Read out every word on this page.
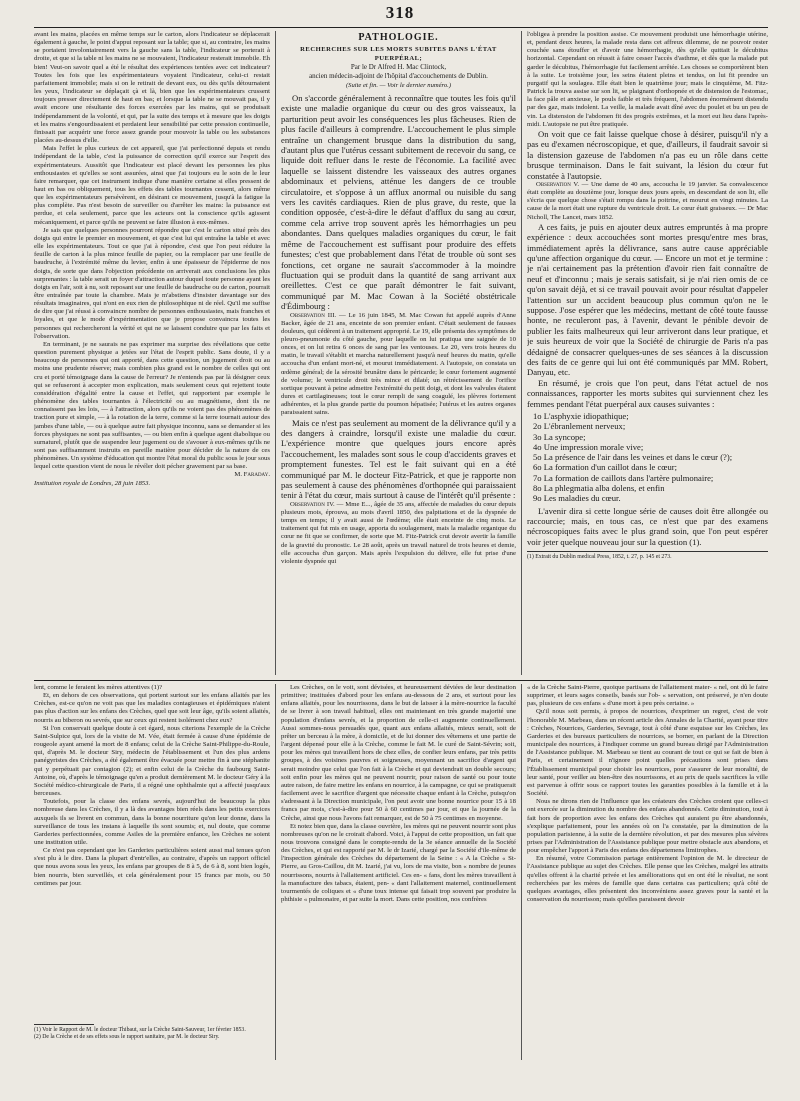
318

avant les mains, placées en même temps sur le carton, alors l'indicateur se déplacerait également à gauche, le point d'appui reposant sur la table; que si, au contraire, les mains se portaient involontairement vers la gauche sans la table, l'indicateur se porterait à droite, et que si la table ni les mains ne se mouvaient, l'indicateur resterait immobile. Eh bien! Veut-on savoir quel a été le résultat des expériences tentées avec cet indicateur? Toutes les fois que les expérimentateurs voyaient l'indicateur, celui-ci restait parfaitement immobile; mais si on le retirait de devant eux, ou dès qu'ils détournaient les yeux, l'indicateur se déplaçait çà et là, bien que les expérimentateurs crussent toujours presser directement de haut en bas; et lorsque la table ne se mouvait pas, il y avait encore une résultante des forces exercées par les mains, qui se produisait indépendamment de la volonté, et qui, par la suite des temps et à mesure que les doigts et les mains s'engourdissaient et perdaient leur sensibilité par cette pression continuelle, finissait par acquérir une force assez grande pour mouvoir la table ou les substances placées au-dessus d'elle.

Mais l'effet le plus curieux de cet appareil, que j'ai perfectionné depuis et rendu indépendant de la table, c'est la puissance de correction qu'il exerce sur l'esprit des expérimentateurs. Aussitôt que l'indicateur est placé devant les personnes les plus enthousiastes et qu'elles se sont assurées, ainsi que j'ai toujours eu le soin de le leur faire remarquer, que cet instrument indique d'une manière certaine si elles pressent de haut en bas ou obliquement, tous les effets des tables tournantes cessent, alors même que les expérimentateurs persévèrent, en désirant ce mouvement, jusqu'à la fatigue la plus complète. Pas n'est besoin de surveiller ou d'arrêter les mains: la puissance est perdue, et cela seulement, parce que les acteurs ont la conscience qu'ils agissent mécaniquement, et parce qu'ils ne peuvent se faire illusion à eux-mêmes.

Je sais que quelques personnes pourront répondre que c'est le carton situé près des doigts qui entre le premier en mouvement, et que c'est lui qui entraîne la table et avec elle les expérimentateurs. Tout ce que j'ai à répondre, c'est que l'on peut réduire la feuille de carton à la plus mince feuille de papier, ou la remplacer par une feuille de baudruche, à l'extrémité même du levier, enfin à une épaisseur de l'épiderme de nos doigts, de sorte que dans l'objection précédente on arriverait aux conclusions les plus surprenantes : la table serait un foyer d'attraction autour duquel toute personne ayant les doigts en l'air, soit à nu, soit reposant sur une feuille de baudruche ou de carton, pourrait être entraînée par toute la chambre. Mais je m'abstiens d'insister davantage sur des résultats imaginaires, qui n'ont en eux rien de philosophique ni de réel. Qu'il me suffise de dire que j'ai réussi à convaincre nombre de personnes enthousiastes, mais franches et loyales, et que le mode d'expérimentation que je propose convaincra toutes les personnes qui rechercheront la vérité et qui ne se laissent conduire que par les faits et l'observation.

En terminant, je ne saurais ne pas exprimer ma surprise des révélations que cette question purement physique a jetées sur l'état de l'esprit public. Sans doute, il y a beaucoup de personnes qui ont apporté, dans cette question, un jugement droit ou au moins une prudente réserve; mais combien plus grand est le nombre de celles qui ont cru et porté témoignage dans la cause de l'erreur? Je n'entends pas par là désigner ceux qui se refuseront à accepter mon explication, mais seulement ceux qui rejettent toute considération d'égalité entre la cause et l'effet, qui rapportent par exemple le phénomène des tables tournantes à l'électricité ou au magnétisme, dont ils ne connaissent pas les lois, — à l'attraction, alors qu'ils ne voient pas des phénomènes de traction pure et simple, — à la rotation de la terre, comme si la terre tournait autour des jambes d'une table, — ou à quelque autre fait physique inconnu, sans se demander si les forces physiques ne sont pas suffisantes, — ou bien enfin à quelque agent diabolique ou surnaturel, plutôt que de suspendre leur jugement ou de s'avouer à eux-mêmes qu'ils ne sont pas suffisamment instruits en pareille matière pour décider de la nature de ces phénomènes. Un système d'éducation qui montre l'état moral du public sous le jour sous lequel cette question vient de nous le révéler doit pécher gravement par sa base.

M. Faraday.
Institution royale de Londres, 28 juin 1853.
PATHOLOGIE.
RECHERCHES SUR LES MORTS SUBITES DANS L'ÉTAT PUERPÉRAL;
Par le Dr Alfred H. Mac Clintock,
ancien médecin-adjoint de l'hôpital d'accouchements de Dublin.
(Suite et fin. — Voir le dernier numéro.)

On s'accorde généralement à reconnaître que toutes les fois qu'il existe une maladie organique du cœur ou des gros vaisseaux, la parturition peut avoir les conséquences les plus fâcheuses. Rien de plus facile d'ailleurs à comprendre. L'accouchement le plus simple entraîne un changement brusque dans la distribution du sang, d'autant plus que l'utérus cessant subitement de recevoir du sang, ce liquide doit refluer dans le reste de l'économie. La facilité avec laquelle se laissent distendre les vaisseaux des autres organes abdominaux et pelviens, atténue les dangers de ce trouble circulatoire, et s'oppose à un afflux anormal ou nuisible du sang vers les cavités cardiaques. Rien de plus grave, du reste, que la condition opposée, c'est-à-dire le défaut d'afflux du sang au cœur, comme cela arrive trop souvent après les hémorrhagies un peu abondantes. Dans quelques maladies organiques du cœur, le fait même de l'accouchement est suffisant pour produire des effets funestes; c'est que probablement dans l'état de trouble où sont ses fonctions, cet organe ne saurait s'accommoder à la moindre fluctuation qui se produit dans la quantité de sang arrivant aux oreillettes. C'est ce que paraît démontrer le fait suivant, communiqué par M. Mac Cowan à la Société obstétricale d'Édimbourg :

Observation III. — Le 16 juin 1845, M. Mac Cowan fut appelé auprès d'Anne Backer, âgée de 21 ans, enceinte de son premier enfant. C'était seulement de fausses douleurs, qui cédèrent à un traitement approprié. Le 19, elle présenta des symptômes de pleuro-pneumonie du côté gauche, pour laquelle on lui pratiqua une saignée de 10 onces, et on lui retira 6 onces de sang par les ventouses. Le 20, vers trois heures du matin, le travail s'établit et marcha naturellement jusqu'à neuf heures du matin, qu'elle accoucha d'un enfant mort-né, et mourut immédiatement. A l'autopsie, on constata un œdème général; de la sérosité brunâtre dans le péricarde; le cœur fortement augmenté de volume; le ventricule droit très mince et dilaté; un rétrécissement de l'orifice sortique pouvant à peine admettre l'extrémité du petit doigt, et dont les valvules étaient dures et cartilagineuses; tout le cœur rempli de sang coagulé, les plèvres fortement adhérentes, et la plus grande partie du poumon hépatisée; l'utérus et les autres organes paraissaient sains.

Mais ce n'est pas seulement au moment de la délivrance qu'il y a des dangers à craindre, lorsqu'il existe une maladie du cœur. L'expérience montre que quelques jours encore après l'accouchement, les malades sont sous le coup d'accidents graves et promptement funestes. Tel est le fait suivant qui en a été communiqué par M. le docteur Fitz-Patrick, et que je rapporte non pas seulement à cause des phénomènes d'orthopnée qui paraissaient tenir à l'état du cœur, mais surtout à cause de l'intérêt qu'il présente :

Observation IV. — Mme E..., âgée de 35 ans, affectée de maladies du cœur depuis plusieurs mois, éprouva, au mois d'avril 1850, des palpitations et de la dyspnée de temps en temps; il y avait aussi de l'œdème; elle était enceinte de cinq mois. Le traitement qui fut mis en usage, apporta du soulagement, mais la maladie organique du cœur ne fit que se confirmer, de sorte que M. Fitz-Patrick crut devoir avertir la famille de la gravité du pronostic. Le 28 août, après un travail naturel de trois heures et demie, elle accoucha d'un garçon. Mais après l'expulsion du délivre, elle fut prise d'une violente dyspnée qui

l'obligea à prendre la position assise. Ce mouvement produisit une hémorrhagie utérine, et, pendant deux heures, la malade resta dans cet affreux dilemme, de ne pouvoir rester couchée sans étouffer et d'avoir une hémorrhagie, dès qu'elle quittait le décubitus horizontal. Cependant on réussit à faire cesser l'accès d'asthme, et dès que la malade put garder le décubitus, l'hémorrhagie fut facilement arrêtée. Les choses se comportèrent bien à la suite. Le troisième jour, les seins étaient pleins et tendus, on lui fit prendre un purgatif qui la soulagea. Elle était bien le quatrième jour; mais le cinquième, M. Fitz-Patrick la trouva assise sur son lit, se plaignant d'orthopnée et de distension de l'estomac, la face pâle et anxieuse, le pouls faible et très fréquent, l'abdomen énormément distendu par des gaz, mais indolent. La veille, la malade avait dîné avec du poulet et bu un peu de vin. La distension de l'abdomen fit des progrès extrêmes, et la mort eut lieu dans l'après-midi. L'autopsie ne put être pratiquée.

On voit que ce fait laisse quelque chose à désirer, puisqu'il n'y a pas eu d'examen nécroscopique, et que, d'ailleurs, il faudrait savoir si la distension gazeuse de l'abdomen n'a pas eu un rôle dans cette brusque terminaison. Dans le fait suivant, la lésion du cœur fut constatée à l'autopsie.

Observation V. — Une dame de 40 ans, accoucha le 19 janvier. Sa convalescence était complète au douzième jour, lorsque deux jours après, en descendant de son lit, elle s'écria que quelque chose s'était rompu dans la poitrine, et mourut en vingt minutes. La cause de la mort était une rupture du ventricule droit. Le cœur était graisseux. — Dr Mac Nicholl, The Lancet, mars 1852.

A ces faits, je puis en ajouter deux autres empruntés à ma propre expérience : deux accouchées sont mortes presqu'entre mes bras, immédiatement après la délivrance, sans autre cause appréciable qu'une affection organique du cœur. — Encore un mot et je termine : je n'ai certainement pas la prétention d'avoir rien fait connaître de neuf et d'inconnu ; mais je serais satisfait, si je n'ai rien omis de ce qu'on savait déjà, et si ce travail pouvait avoir pour résultat d'appeler l'attention sur un accident beaucoup plus commun qu'on ne le suppose. J'ose espérer que les médecins, mettant de côté toute fausse honte, ne reculeront pas, à l'avenir, devant le pénible devoir de publier les faits malheureux qui leur arriveront dans leur pratique, et je suis heureux de voir que la Société de chirurgie de Paris n'a pas dédaigné de consacrer quelques-unes de ses séances à la discussion des faits de ce genre qui lui ont été communiqués par MM. Robert, Danyau, etc.

En résumé, je crois que l'on peut, dans l'état actuel de nos connaissances, rapporter les morts subites qui surviennent chez les femmes pendant l'état puerpéral aux causes suivantes :

1o L'asphyxie idiopathique;
2o L'ébranlement nerveux;
3o La syncope;
4o Une impression morale vive;
5o La présence de l'air dans les veines et dans le cœur (?);
6o La formation d'un caillot dans le cœur;
7o La formation de caillots dans l'artère pulmonaire;
8o La phlegmatia alba dolens, et enfin
9o Les maladies du cœur.

L'avenir dira si cette longue série de causes doit être allongée ou raccourcie; mais, en tous cas, ce n'est que par des examens nécroscopiques faits avec le plus grand soin, que l'on peut espérer voir jeter quelque nouveau jour sur la question (1).

(1) Extrait du Dublin medical Press, 1852, t. 27, p. 145 et 273.

lent, comme le feraient les mères attentives (1)?

Et, en dehors de ces observations, qui portent surtout sur les enfans allaités par les Crèches, est-ce qu'on ne voit pas que les maladies contagieuses et épidémiques n'aient pas plus d'action sur les enfans des Crèches, quel que soit leur âge, qu'ils soient allaités, nourris au biberon ou sevrés, que sur ceux qui restent isolément chez eux?

Si l'on conservait quelque doute à cet égard, nous citerions l'exemple de la Crèche Saint-Sulpice qui, lors de la visite de M. Vée, était fermée à cause d'une épidémie de rougeole ayant amené la mort de 8 enfans; celui de la Crèche Saint-Philippe-du-Roule, qui, d'après M. le docteur Siry, médecin de l'établissement et l'un des plus ardens panégyristes des Crèches, a été également être évacuée pour mettre fin à une stéphanite qui y perpétuait par contagion (2); et enfin celui de la Crèche du faubourg Saint-Antoine, où, d'après le témoignage qu'en a produit dernièrement M. le docteur Géry à la Société médico-chirurgicale de Paris, il a régné une ophthalmie qui a affecté jusqu'aux berceuses.

Toutefois, pour la classe des enfans sevrés, aujourd'hui de beaucoup la plus nombreuse dans les Crèches, il y a là des avantages bien réels dans les petits exercices auxquels ils se livrent en commun, dans la bonne nourriture qu'on leur donne, dans la surveillance de tous les instans à laquelle ils sont soumis; et, nul doute, que comme Garderies perfectionnées, comme Asiles de la première enfance, les Crèches ne soient une institution utile.

Ce n'est pas cependant que les Garderies particulières soient aussi mal tenues qu'on s'est plu à le dire. Dans la plupart d'entr'elles, au contraire, d'après un rapport officiel que nous avons sous les yeux, les enfans par groupes de 8 à 5, de 6 à 8, sont bien logés, bien nourris, bien surveillés, et cela généralement pour 15 francs par mois, ou 50 centimes par jour.

(1) Voir le Rapport de M. le docteur Thibaut, sur la Crèche Saint-Sauveur, 1er février 1853.
(2) De la Crèche et de ses effets sous le rapport sanitaire, par M. le docteur Siry.

Les Crèches, on le voit, sont dévisées, et heureusement déviées de leur destination primitive; instituées d'abord pour les enfans au-dessous de 2 ans, et surtout pour les enfans allaités, pour les nourrissons, dans le but de laisser à la mère-nourrice la faculté de se livrer à son travail habituel, elles ont maintenant en très grande majorité une population d'enfans sevrés, et la proportion de celle-ci augmente continuellement. Aussi sommes-nous persuadés que, quant aux enfans allaités, mieux serait, soit de prêter un berceau à la mère, à domicile, et de lui donner des vêtemens et une partie de l'argent dépensé pour elle à la Crèche, comme le fait M. le curé de Saint-Sévrin; soit, pour les mères qui travaillent hors de chez elles, de confier leurs enfans, par très petits groupes, à des voisines pauvres et soigneuses, moyennant un sacrifice d'argent qui serait moindre que celui que l'on fait à la Crèche et qui deviendrait un double secours; soit enfin pour les mères qui ne peuvent nourrir, pour raison de santé ou pour toute autre raison, de faire mettre les enfans en nourrice, à la campagne, ce qui se pratiquerait facilement avec le sacrifice d'argent que nécessite chaque enfant à la Crèche, puisqu'on s'adressant à la Direction municipale, l'on peut avoir une bonne nourrice pour 15 à 18 francs par mois, c'est-à-dire pour 50 à 60 centimes par jour, et que la journée de la Crèche, ainsi que nous l'avons fait remarquer, est de 50 à 75 centimes en moyenne.

Et notez bien que, dans la classe ouvrière, les mères qui ne peuvent nourrir sont plus nombreuses qu'on ne le croirait d'abord. Voici, à l'appui de cette proposition, un fait que nous trouvons consigné dans le compte-rendu de la 3e séance annuelle de la Société des Crèches, et qui est rapporté par M. le dr Izarié, chargé par la Société d'ile-même de l'inspection générale des Crèches du département de la Seine : « A la Crèche « St-Pierre, au Gros-Caillou, dit M. Izarié, j'ai vu, lors de ma visite, bon « nombre de jeunes nourrissons, nourris à l'allaitement artificiel. Ces en- « fans, dont les mères travaillent à la manufacture des tabacs, étaient, pen- « dant l'allaitement maternel, continuellement tourmentés de coliques et « d'une toux intense qui faisait trop souvent par produire la phthisie « pulmonaire, et par suite la mort. Dans cette position, nos confrères

« de la Crèche Saint-Pierre, quoique partisans de l'allaitement mater- « nel, ont dû le faire supprimer, et leurs sages conseils, basés sur l'ob- « servation, ont préservé, je n'en doute pas, plusieurs de ces enfans « d'une mort à peu près certaine. »

Qu'il nous soit permis, à propos de nourrices, d'exprimer un regret, c'est de voir l'honorable M. Marbeau, dans un récent article des Annales de la Charité, ayant pour titre : Crèches, Nourrices, Garderies, Sevrage, tout à côté d'une esquisse sur les Crèches, les Garderies et des bureaux particuliers de nourrices, se borner, en parlant de la Direction municipale des nourrices, à l'indiquer comme un grand bureau dirigé par l'Administration de l'Assistance publique. M. Marbeau se tient au courant de tout ce qui se fait de bien à Paris, et certainement il n'ignore point quelles précautions sont prises dans l'Établissement municipal pour choisir les nourrices, pour s'assurer de leur moralité, de leur santé, pour veiller au bien-être des nourrissons, et au prix de quels sacrifices la ville est parvenue à offrir sous ce rapport toutes les garanties possibles à la famille et à la Société.

Nous ne dirons rien de l'influence que les créateurs des Crèches croient que celles-ci ont exercée sur la diminution du nombre des enfans abandonnés. Cette diminution, tout à fait hors de proportion avec les enfans des Crèches qui auraient pu être abandonnés, s'explique parfaitement, pour les années où on l'a constatée, par la diminution de la population parisienne, à la suite de la dernière révolution, et par des mesures plus sévères prises par l'Administration de l'Assistance publique pour mettre obstacle aux abandons, et pour empêcher l'apport à Paris des enfans des départemens limitrophes.

En résumé, votre Commission partage entièrement l'opinion de M. le directeur de l'Assistance publique au sujet des Crèches. Elle pense que les Crèches, malgré les attraits qu'elles offrent à la charité privée et les améliorations qui en ont été le résultat, ne sont recherchées par les mères de famille que dans certains cas particuliers; qu'à côté de quelques avantages, elles présentent des inconvéniens assez graves pour la santé et la conservation du nourrisson; mais qu'elles paraissent devoir
